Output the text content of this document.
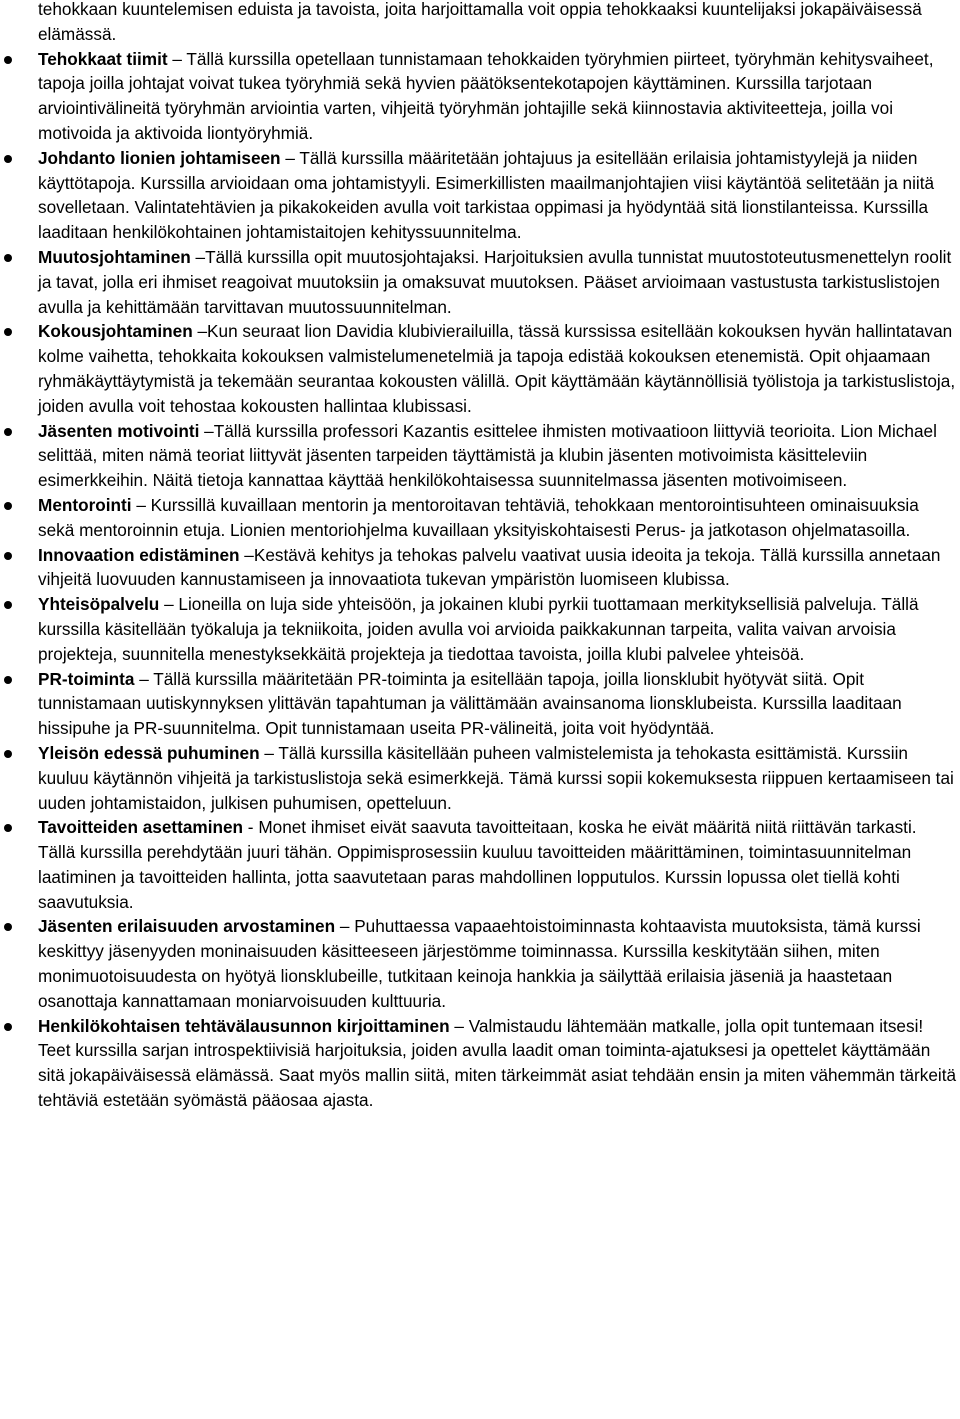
tehokkaan kuuntelemisen eduista ja tavoista, joita harjoittamalla voit oppia tehokkaaksi kuuntelijaksi jokapäiväisessä elämässä.

Tehokkaat tiimit – Tällä kurssilla opetellaan tunnistamaan tehokkaiden työryhmien piirteet, työryhmän kehitysvaiheet, tapoja joilla johtajat voivat tukea työryhmiä sekä hyvien päätöksentekotapojen käyttäminen. Kurssilla tarjotaan arviointivälineitä työryhmän arviointia varten, vihjeitä työryhmän johtajille sekä kiinnostavia aktiviteetteja, joilla voi motivoida ja aktivoida liontyöryhmiä.
Johdanto lionien johtamiseen – Tällä kurssilla määritetään johtajuus ja esitellään erilaisia johtamistyylejä ja niiden käyttötapoja. Kurssilla arvioidaan oma johtamistyyli. Esimerkillisten maailmanjohtajien viisi käytäntöä selitetään ja niitä sovelletaan. Valintatehtävien ja pikakokeiden avulla voit tarkistaa oppimasi ja hyödyntää sitä lionstilanteissa. Kurssilla laaditaan henkilökohtainen johtamistaitojen kehityssuunnitelma.
Muutosjohtaminen –Tällä kurssilla opit muutosjohtajaksi. Harjoituksien avulla tunnistat muutostoteutusmenettelyn roolit ja tavat, jolla eri ihmiset reagoivat muutoksiin ja omaksuvat muutoksen. Pääset arvioimaan vastustusta tarkistuslistojen avulla ja kehittämään tarvittavan muutossuunnitelman.
Kokousjohtaminen –Kun seuraat lion Davidia klubivierailuilla, tässä kurssissa esitellään kokouksen hyvän hallintatavan kolme vaihetta, tehokkaita kokouksen valmistelumenetelmiä ja tapoja edistää kokouksen etenemistä. Opit ohjaamaan ryhmäkäyttäytymistä ja tekemään seurantaa kokousten välillä. Opit käyttämään käytännöllisiä työlistoja ja tarkistuslistoja, joiden avulla voit tehostaa kokousten hallintaa klubissasi.
Jäsenten motivointi –Tällä kurssilla professori Kazantis esittelee ihmisten motivaatioon liittyviä teorioita. Lion Michael selittää, miten nämä teoriat liittyvät jäsenten tarpeiden täyttämistä ja klubin jäsenten motivoimista käsitteleviin esimerkkeihin. Näitä tietoja kannattaa käyttää henkilökohtaisessa suunnitelmassa jäsenten motivoimiseen.
Mentorointi – Kurssillä kuvaillaan mentorin ja mentoroitavan tehtäviä, tehokkaan mentorointisuhteen ominaisuuksia sekä mentoroinnin etuja. Lionien mentoriohjelma kuvaillaan yksityiskohtaisesti Perus- ja jatkotason ohjelmatasoilla.
Innovaation edistäminen –Kestävä kehitys ja tehokas palvelu vaativat uusia ideoita ja tekoja. Tällä kurssilla annetaan vihjeitä luovuuden kannustamiseen ja innovaatiota tukevan ympäristön luomiseen klubissa.
Yhteisöpalvelu – Lioneilla on luja side yhteisöön, ja jokainen klubi pyrkii tuottamaan merkityksellisiä palveluja. Tällä kurssilla käsitellään työkaluja ja tekniikoita, joiden avulla voi arvioida paikkakunnan tarpeita, valita vaivan arvoisia projekteja, suunnitella menestyksekkäitä projekteja ja tiedottaa tavoista, joilla klubi palvelee yhteisöä.
PR-toiminta – Tällä kurssilla määritetään PR-toiminta ja esitellään tapoja, joilla lionsklubit hyötyvät siitä. Opit tunnistamaan uutiskynnyksen ylittävän tapahtuman ja välittämään avainsanoma lionsklubeista. Kurssilla laaditaan hissipuhe ja PR-suunnitelma. Opit tunnistamaan useita PR-välineitä, joita voit hyödyntää.
Yleisön edessä puhuminen – Tällä kurssilla käsitellään puheen valmistelemista ja tehokasta esittämistä. Kurssiin kuuluu käytännön vihjeitä ja tarkistuslistoja sekä esimerkkejä. Tämä kurssi sopii kokemuksesta riippuen kertaamiseen tai uuden johtamistaidon, julkisen puhumisen, opetteluun.
Tavoitteiden asettaminen - Monet ihmiset eivät saavuta tavoitteitaan, koska he eivät määritä niitä riittävän tarkasti. Tällä kurssilla perehdytään juuri tähän. Oppimisprosessiin kuuluu tavoitteiden määrittäminen, toimintasuunnitelman laatiminen ja tavoitteiden hallinta, jotta saavutetaan paras mahdollinen lopputulos. Kurssin lopussa olet tiellä kohti saavutuksia.
Jäsenten erilaisuuden arvostaminen – Puhuttaessa vapaaehtoistoiminnasta kohtaavista muutoksista, tämä kurssi keskittyy jäsenyyden moninaisuuden käsitteeseen järjestömme toiminnassa. Kurssilla keskitytään siihen, miten monimuotoisuudesta on hyötyä lionsklubeille, tutkitaan keinoja hankkia ja säilyttää erilaisia jäseniä ja haastetaan osanottaja kannattamaan moniarvoisuuden kulttuuria.
Henkilökohtaisen tehtävälausunnon kirjoittaminen – Valmistaudu lähtemään matkalle, jolla opit tuntemaan itsesi! Teet kurssilla sarjan introspektiivisiä harjoituksia, joiden avulla laadit oman toiminta-ajatuksesi ja opettelet käyttämään sitä jokapäiväisessä elämässä. Saat myös mallin siitä, miten tärkeimmät asiat tehdään ensin ja miten vähemmän tärkeitä tehtäviä estetään syömästä pääosaa ajasta.
